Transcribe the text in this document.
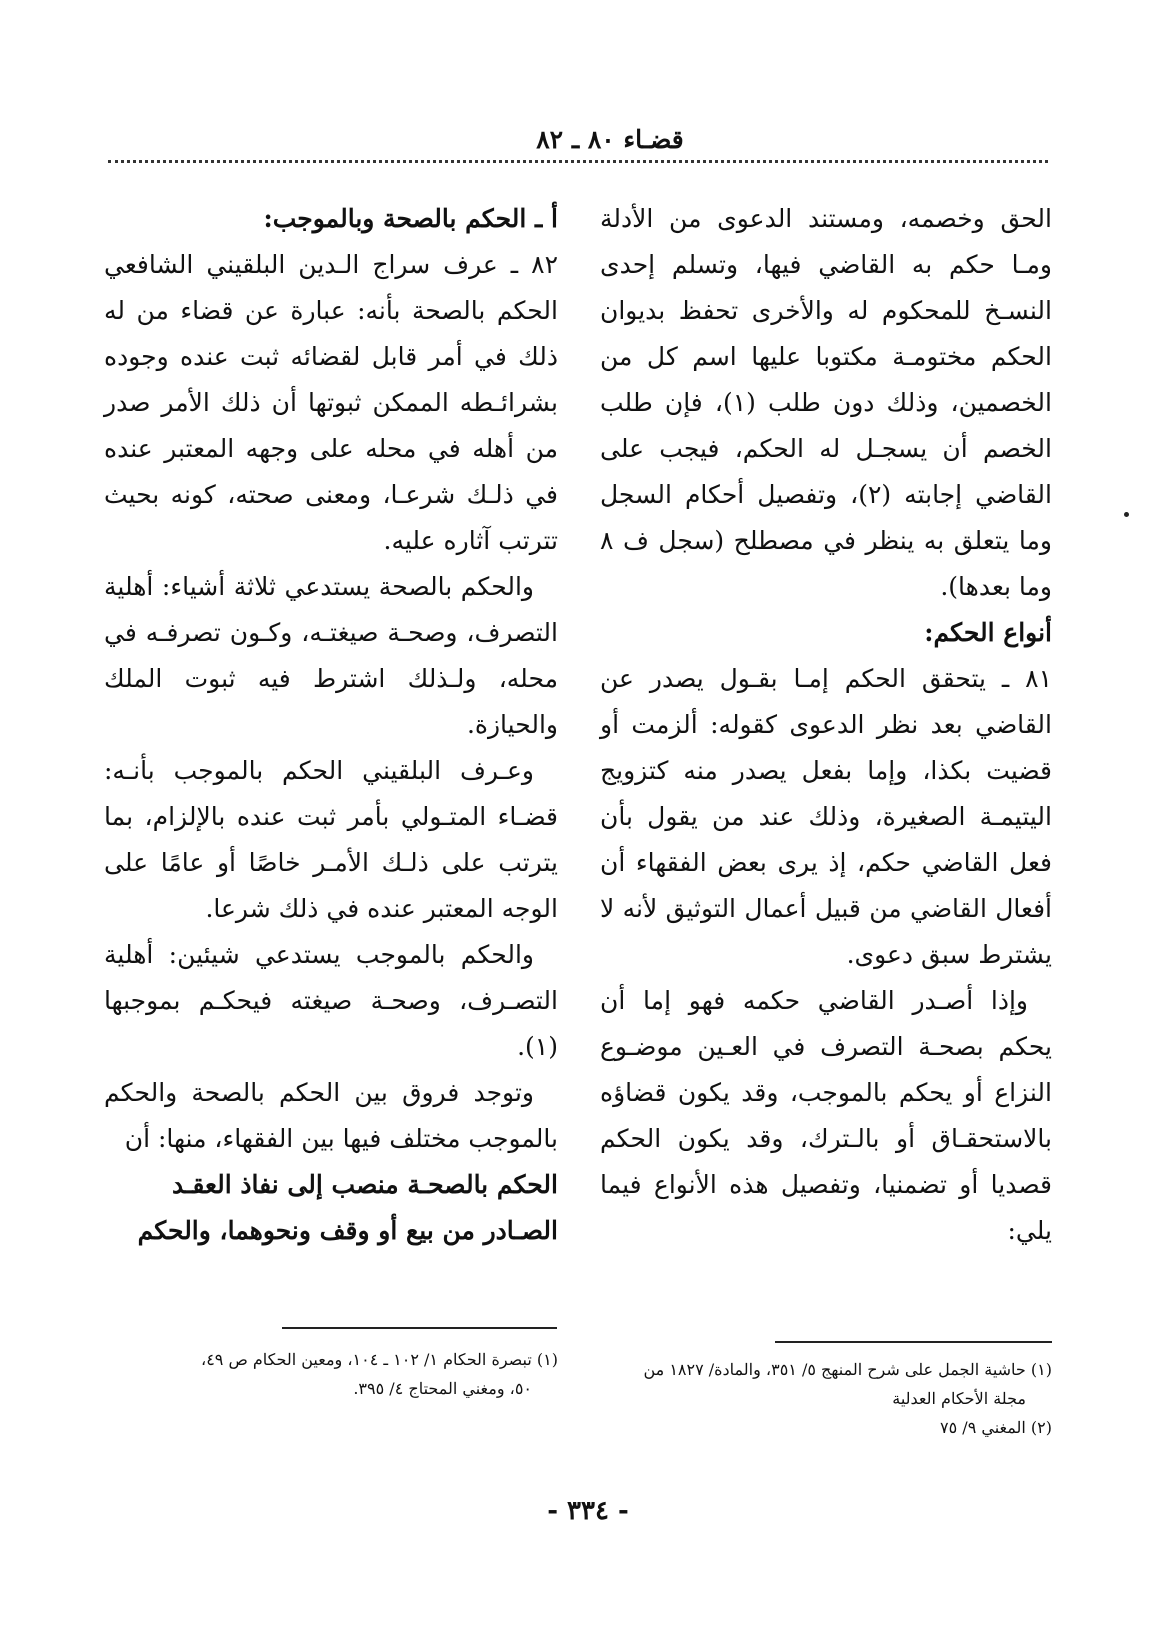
قضـاء ٨٠ ـ ٨٢

الحق وخصمه، ومستند الدعوى من الأدلة ومـا حكم به القاضي فيها، وتسلم إحدى النسـخ للمحكوم له والأخرى تحفظ بديوان الحكم مختومـة مكتوبا عليها اسم كل من الخصمين، وذلك دون طلب (١)، فإن طلب الخصم أن يسجـل له الحكم، فيجب على القاضي إجابته (٢)، وتفصيل أحكام السجل وما يتعلق به ينظر في مصطلح (سجل ف ٨ وما بعدها).

أنواع الحكم:

٨١ ـ يتحقق الحكم إمـا بقـول يصدر عن القاضي بعد نظر الدعوى كقوله: ألزمت أو قضيت بكذا، وإما بفعل يصدر منه كتزويج اليتيمـة الصغيرة، وذلك عند من يقول بأن فعل القاضي حكم، إذ يرى بعض الفقهاء أن أفعال القاضي من قبيل أعمال التوثيق لأنه لا يشترط سبق دعوى.

وإذا أصـدر القاضي حكمه فهو إما أن يحكم بصحـة التصرف في العـين موضـوع النزاع أو يحكم بالموجب، وقد يكون قضاؤه بالاستحقـاق أو بالـترك، وقد يكون الحكم قصديا أو تضمنيا، وتفصيل هذه الأنواع فيما يلي:

أ ـ الحكم بالصحة وبالموجب:

٨٢ ـ عرف سراج الـدين البلقيني الشافعي الحكم بالصحة بأنه: عبارة عن قضاء من له ذلك في أمر قابل لقضائه ثبت عنده وجوده بشرائـطه الممكن ثبوتها أن ذلك الأمر صدر من أهله في محله على وجهه المعتبر عنده في ذلـك شرعـا، ومعنى صحته، كونه بحيث تترتب آثاره عليه.

والحكم بالصحة يستدعي ثلاثة أشياء: أهلية التصرف، وصحـة صيغتـه، وكـون تصرفـه في محله، ولـذلك اشترط فيه ثبوت الملك والحيازة.

وعـرف البلقيني الحكم بالموجب بأنـه: قضـاء المتـولي بأمر ثبت عنده بالإلزام، بما يترتب على ذلـك الأمـر خاصًا أو عامًا على الوجه المعتبر عنده في ذلك شرعا.

والحكم بالموجب يستدعي شيئين: أهلية التصـرف، وصحـة صيغته فيحكـم بموجبها (١).

وتوجد فروق بين الحكم بالصحة والحكم بالموجب مختلف فيها بين الفقهاء، منها: أن

الحكم بالصحـة منصب إلى نفاذ العقـد

الصـادر من بيع أو وقف ونحوهما، والحكم

(١) حاشية الجمل على شرح المنهج ٥/ ٣٥١، والمادة/ ١٨٢٧ من

مجلة الأحكام العدلية

(٢) المغني ٩/ ٧٥

(١) تبصرة الحكام ١/ ١٠٢ ـ ١٠٤، ومعين الحكام ص ٤٩،

٥٠، ومغني المحتاج ٤/ ٣٩٥.

- ٣٣٤ -
